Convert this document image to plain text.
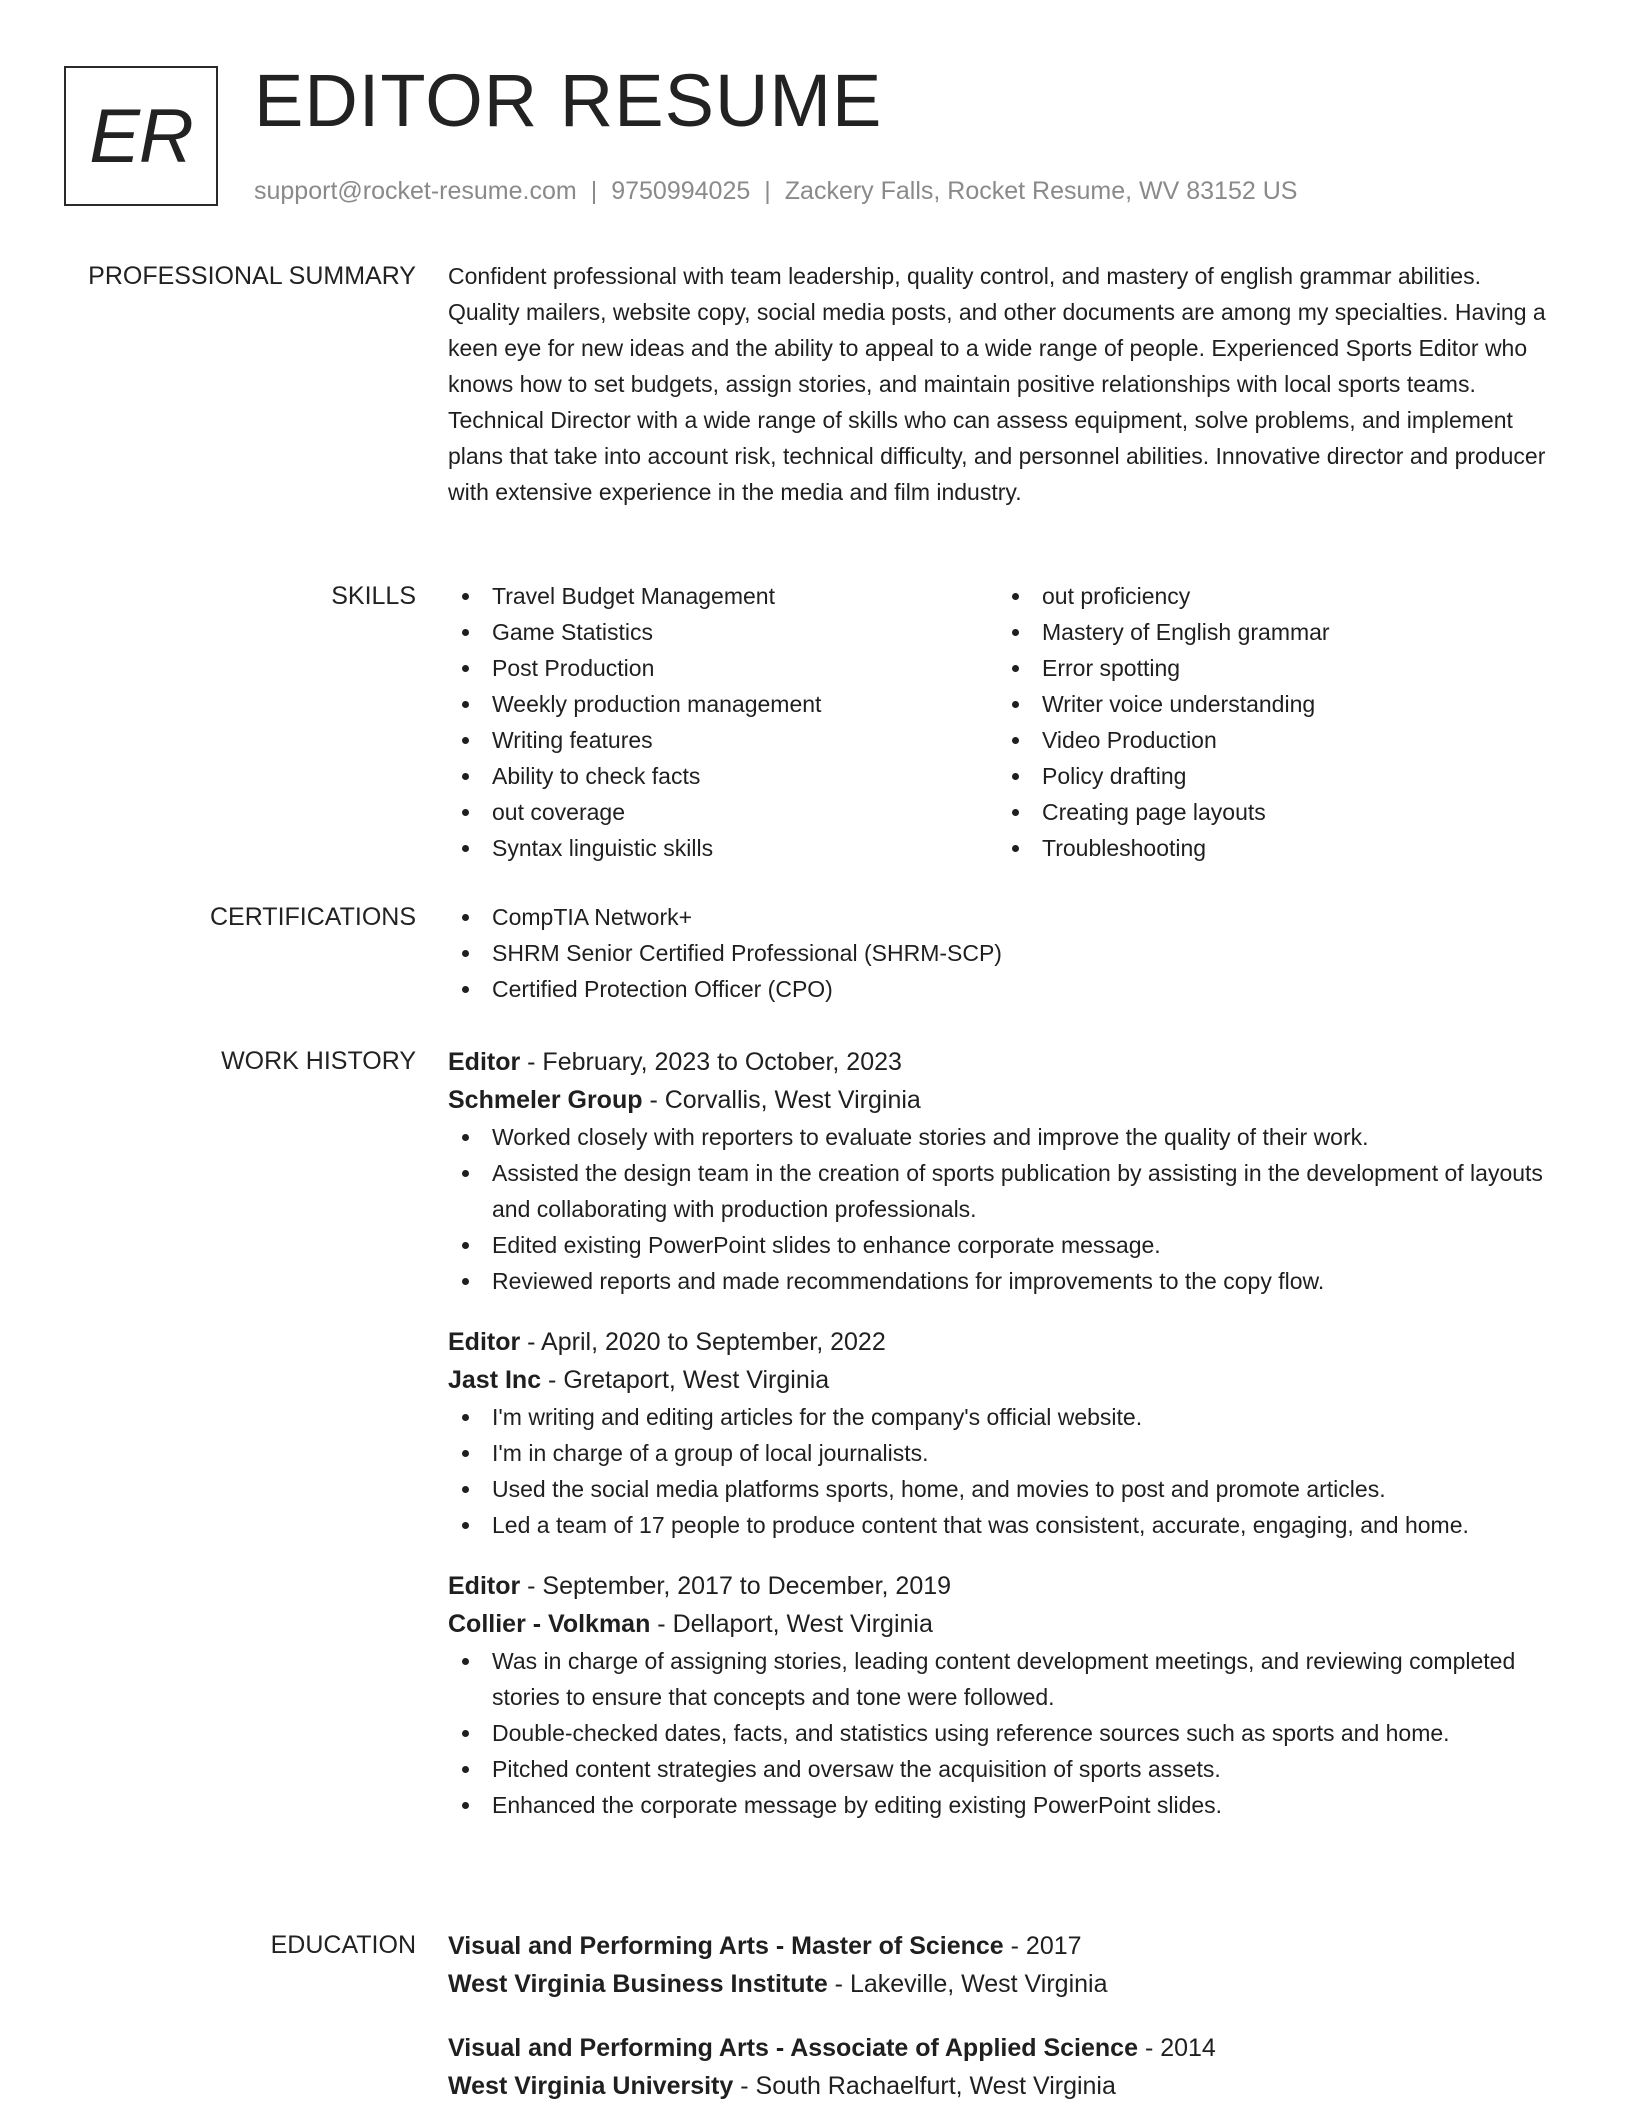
ER EDITOR RESUME
support@rocket-resume.com | 9750994025 | Zackery Falls, Rocket Resume, WV 83152 US
PROFESSIONAL SUMMARY Confident professional with team leadership, quality control, and mastery of english grammar abilities. Quality mailers, website copy, social media posts, and other documents are among my specialties. Having a keen eye for new ideas and the ability to appeal to a wide range of people. Experienced Sports Editor who knows how to set budgets, assign stories, and maintain positive relationships with local sports teams. Technical Director with a wide range of skills who can assess equipment, solve problems, and implement plans that take into account risk, technical difficulty, and personnel abilities. Innovative director and producer with extensive experience in the media and film industry.

SKILLS	Travel Budget Management
Game Statistics
Post Production
Weekly production management
Writing features
Ability to check facts
out coverage
Syntax linguistic skills
out proficiency
Mastery of English grammar
Error spotting
Writer voice understanding
Video Production
Policy drafting
Creating page layouts
Troubleshooting
CERTIFICATIONS	CompTIA Network+
SHRM Senior Certified Professional (SHRM-SCP)
Certified Protection Officer (CPO)
WORK HISTORY Editor - February, 2023 to October, 2023
Schmeler Group - Corvallis, West Virginia
Worked closely with reporters to evaluate stories and improve the quality of their work.
Assisted the design team in the creation of sports publication by assisting in the development of layouts and collaborating with production professionals.
Edited existing PowerPoint slides to enhance corporate message.
Reviewed reports and made recommendations for improvements to the copy flow.
Editor - April, 2020 to September, 2022
Jast Inc - Gretaport, West Virginia
I'm writing and editing articles for the company's official website.
I'm in charge of a group of local journalists.
Used the social media platforms sports, home, and movies to post and promote articles.
Led a team of 17 people to produce content that was consistent, accurate, engaging, and home.
Editor - September, 2017 to December, 2019
Collier - Volkman - Dellaport, West Virginia
Was in charge of assigning stories, leading content development meetings, and reviewing completed stories to ensure that concepts and tone were followed.
Double-checked dates, facts, and statistics using reference sources such as sports and home.
Pitched content strategies and oversaw the acquisition of sports assets.
Enhanced the corporate message by editing existing PowerPoint slides.
EDUCATION Visual and Performing Arts - Master of Science - 2017
West Virginia Business Institute - Lakeville, West Virginia
Visual and Performing Arts - Associate of Applied Science - 2014
West Virginia University - South Rachaelfurt, West Virginia
